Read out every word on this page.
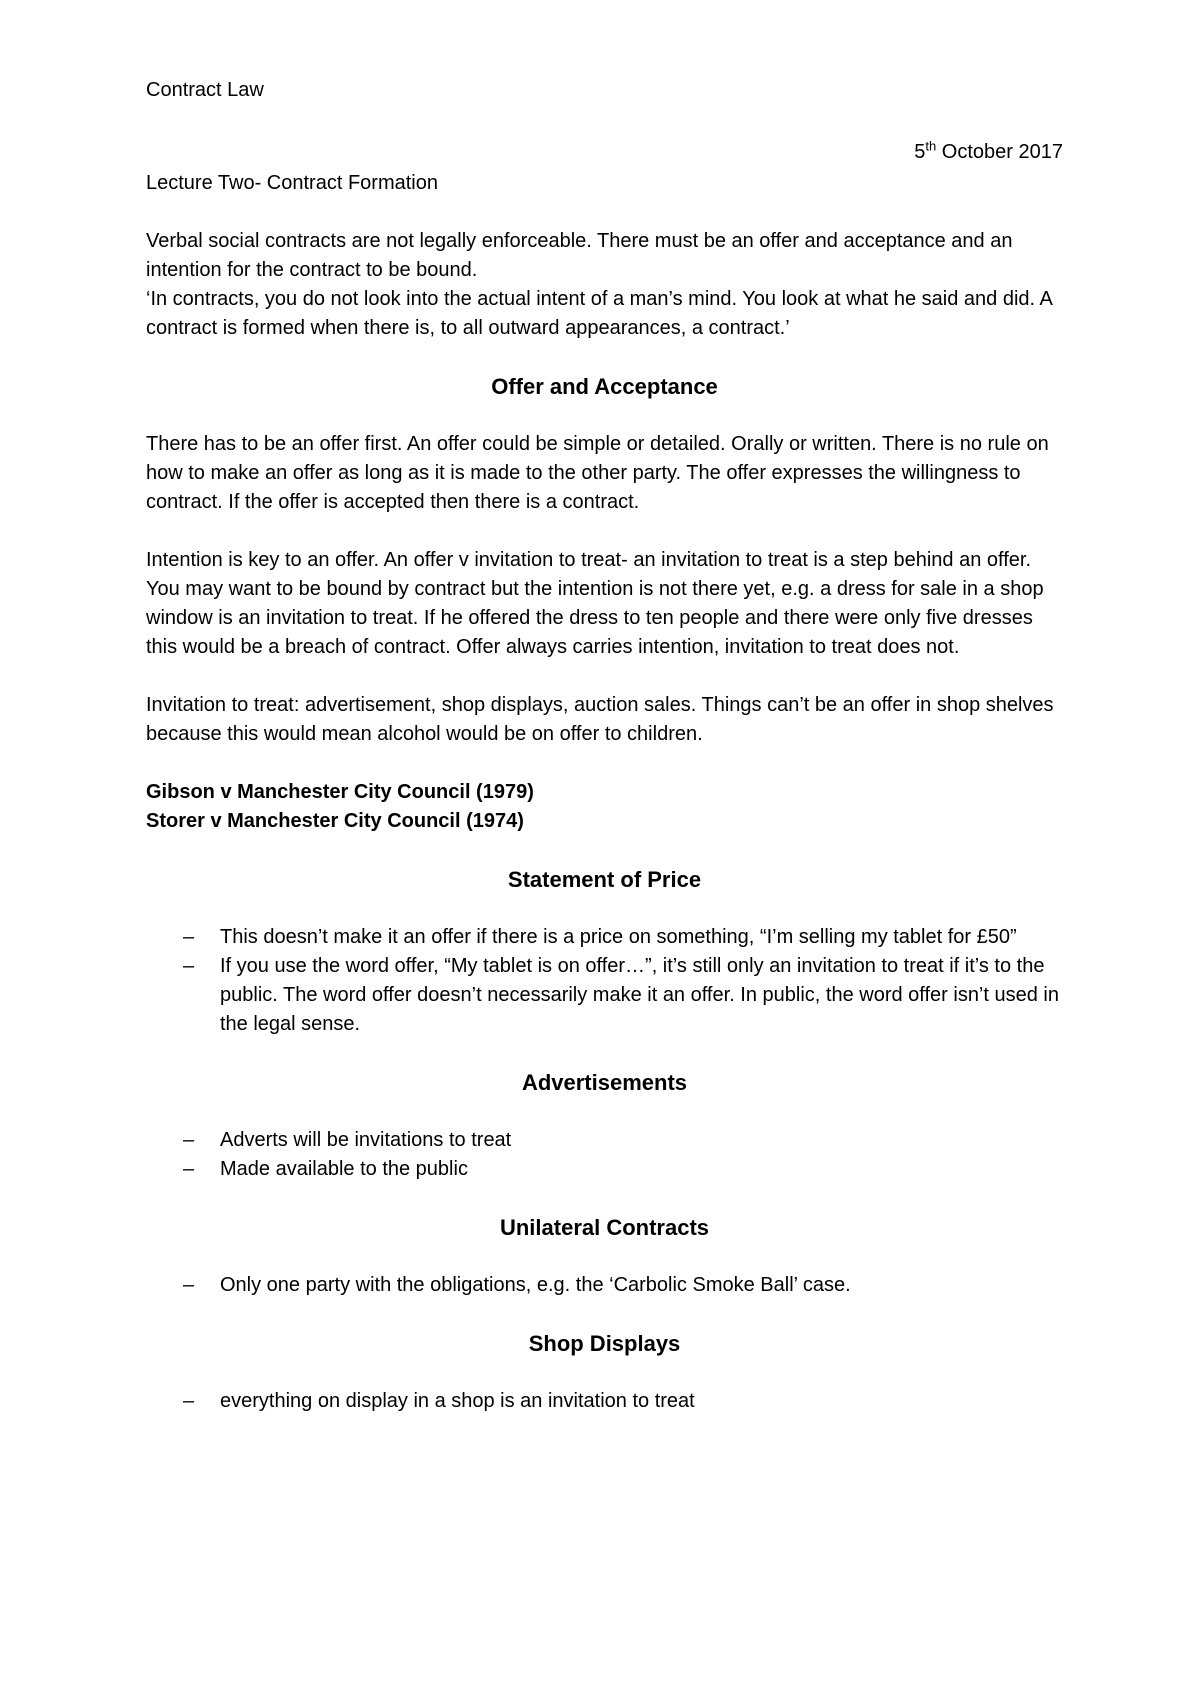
Contract Law

5th October 2017

Lecture Two- Contract Formation

Verbal social contracts are not legally enforceable. There must be an offer and acceptance and an intention for the contract to be bound.

‘In contracts, you do not look into the actual intent of a man’s mind. You look at what he said and did. A contract is formed when there is, to all outward appearances, a contract.’

Offer and Acceptance

There has to be an offer first. An offer could be simple or detailed. Orally or written. There is no rule on how to make an offer as long as it is made to the other party. The offer expresses the willingness to contract. If the offer is accepted then there is a contract.

Intention is key to an offer. An offer v invitation to treat- an invitation to treat is a step behind an offer. You may want to be bound by contract but the intention is not there yet, e.g. a dress for sale in a shop window is an invitation to treat. If he offered the dress to ten people and there were only five dresses this would be a breach of contract. Offer always carries intention, invitation to treat does not.

Invitation to treat: advertisement, shop displays, auction sales. Things can’t be an offer in shop shelves because this would mean alcohol would be on offer to children.

Gibson v Manchester City Council (1979)

Storer v Manchester City Council (1974)

Statement of Price
– This doesn’t make it an offer if there is a price on something, “I’m selling my tablet for £50”
– If you use the word offer, “My tablet is on offer…”, it’s still only an invitation to treat if it’s to the public. The word offer doesn’t necessarily make it an offer. In public, the word offer isn’t used in the legal sense.
Advertisements
– Adverts will be invitations to treat
– Made available to the public
Unilateral Contracts
– Only one party with the obligations, e.g. the ‘Carbolic Smoke Ball’ case.
Shop Displays
– everything on display in a shop is an invitation to treat
